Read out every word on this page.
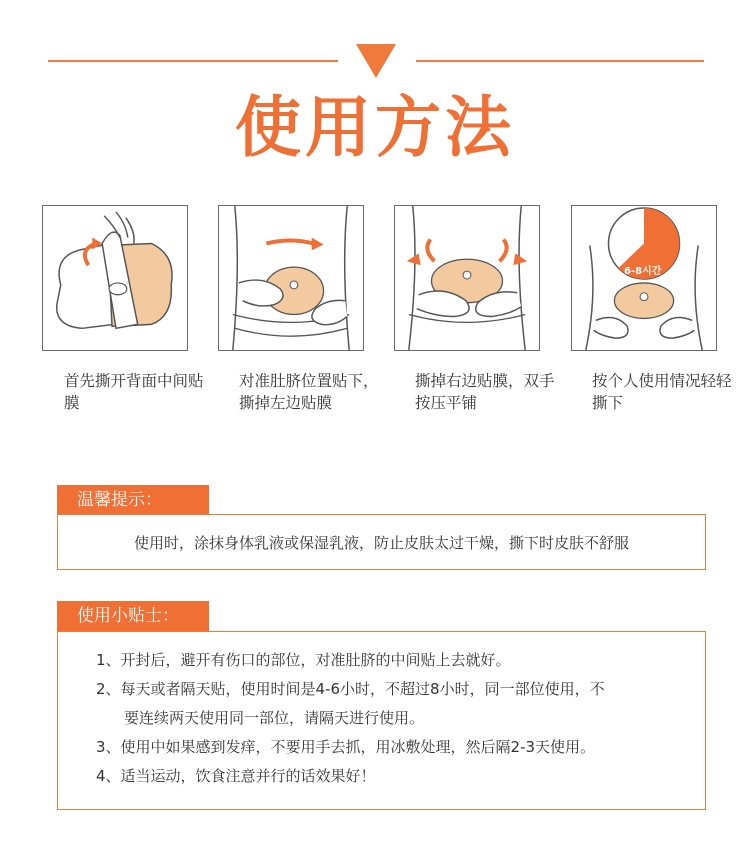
使用方法
首先撕开背面中间贴膜
对准肚脐位置贴下，撕掉左边贴膜
撕掉右边贴膜，双手按压平铺
6-8시간
按个人使用情况轻轻撕下
温馨提示：
使用时，涂抹身体乳液或保湿乳液，防止皮肤太过干燥，撕下时皮肤不舒服
使用小贴士：
1、开封后，避开有伤口的部位，对准肚脐的中间贴上去就好。
2、每天或者隔天贴，使用时间是4-6小时，不超过8小时，同一部位使用，不
要连续两天使用同一部位，请隔天进行使用。
3、使用中如果感到发痒，不要用手去抓，用冰敷处理，然后隔2-3天使用。
4、适当运动，饮食注意并行的话效果好！
